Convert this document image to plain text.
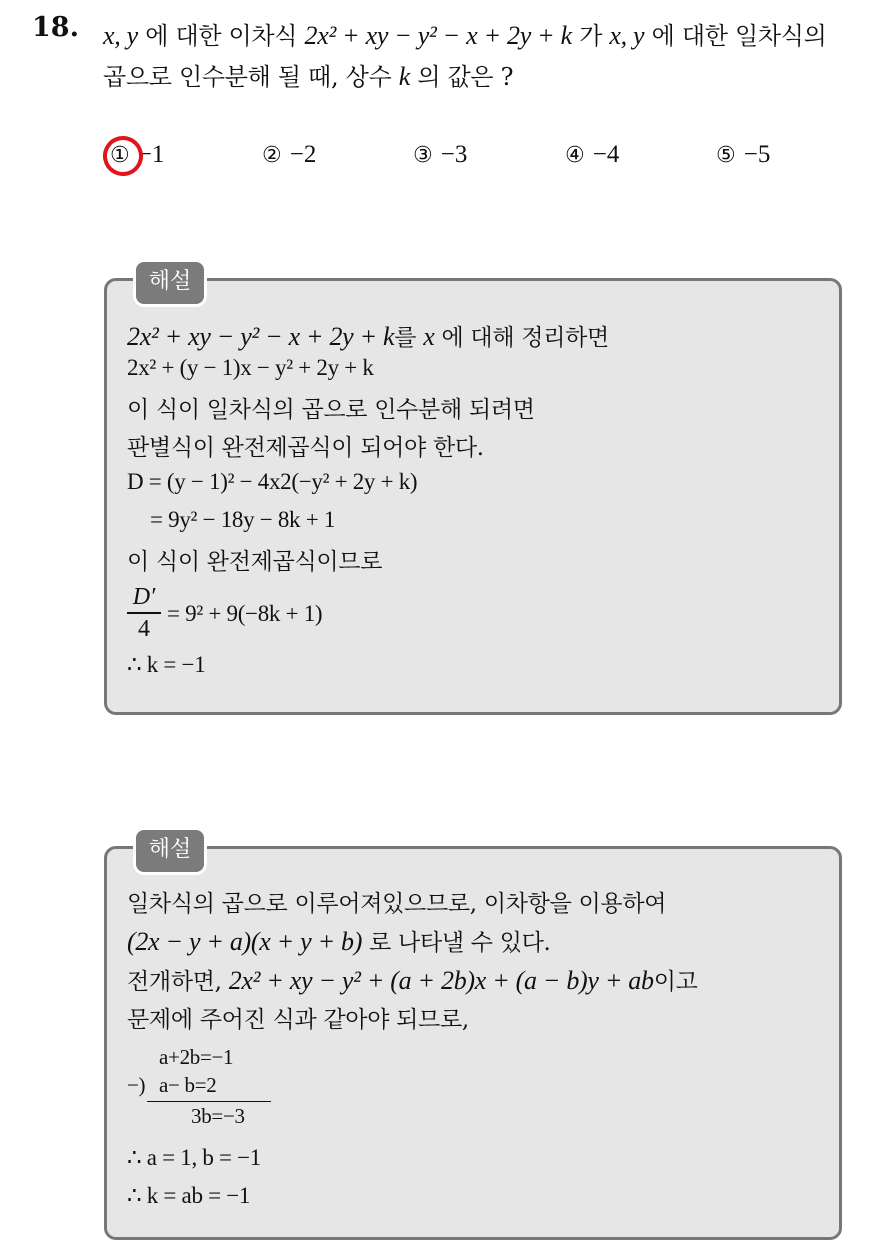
18. x, y 에 대한 이차식 2x² + xy − y² − x + 2y + k 가 x, y 에 대한 일차식의
곱으로 인수분해 될 때, 상수 k 의 값은 ?
① −1	② −2	③ −3	④ −4	⑤ −5
해설
2x² + xy − y² − x + 2y + k를 x 에 대해 정리하면
2x² + (y − 1)x − y² + 2y + k
이 식이 일차식의 곱으로 인수분해 되려면
판별식이 완전제곱식이 되어야 한다.
D = (y − 1)² − 4x2(−y² + 2y + k)
= 9y² − 18y − 8k + 1
이 식이 완전제곱식이므로
D′
4
= 9² + 9(−8k + 1)
∴ k = −1
해설
일차식의 곱으로 이루어져있으므로, 이차항을 이용하여
(2x − y + a)(x + y + b) 로 나타낼 수 있다.
전개하면, 2x² + xy − y² + (a + 2b)x + (a − b)y + ab이고
문제에 주어진 식과 같아야 되므로,
a+2b=−1
−) a− b=2
3b=−3
∴ a = 1, b = −1
∴ k = ab = −1
